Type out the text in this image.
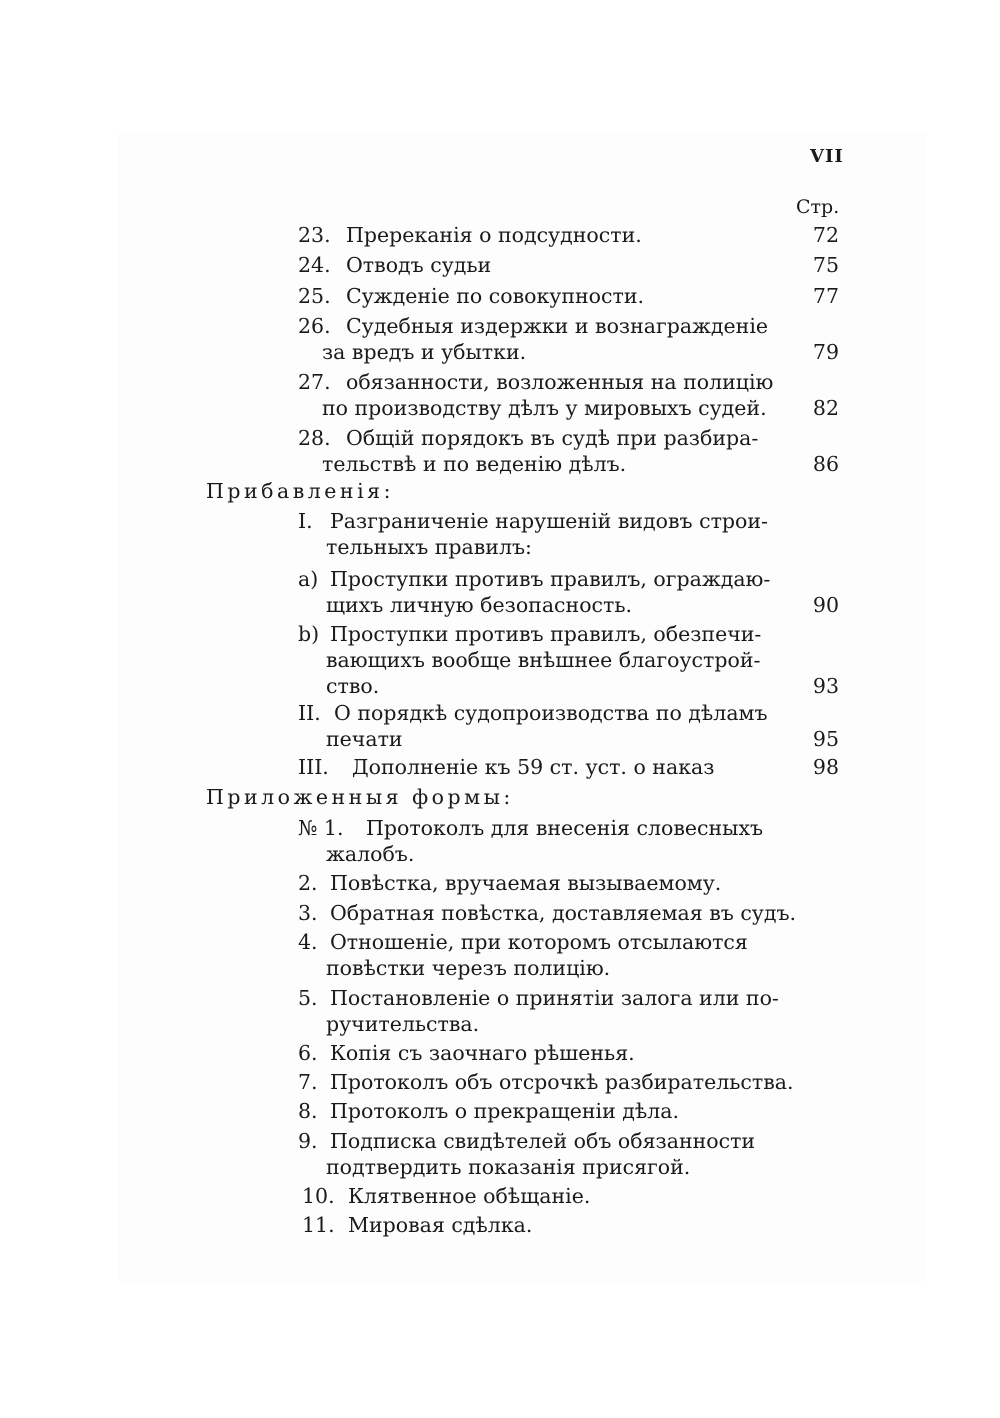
VII
Стр.
23. Пререканія о подсудности.	72
24. Отводъ судьи	75
25. Сужденіе по совокупности.	77
26. Судебныя издержки и вознагражденіе
за вредъ и убытки.	79
27. обязанности, возложенныя на полицію
по производству дѣлъ у мировыхъ судей.	82
28. Общій порядокъ въ судѣ при разбира-
тельствѣ и по веденію дѣлъ.	86
I. Разграниченіе нарушеній видовъ строи-
тельныхъ правилъ:
a) Проступки противъ правилъ, ограждаю-
щихъ личную безопасность.	90
b) Проступки противъ правилъ, обезпечи-
вающихъ вообще внѣшнее благоустрой-
ство.	93
II. О порядкѣ судопроизводства по дѣламъ
печати	95
III. Дополненіе къ 59 ст. уст. о наказ	98
№ 1. Протоколъ для внесенія словесныхъ
жалобъ.
2. Повѣстка, вручаемая вызываемому.
3. Обратная повѣстка, доставляемая въ судъ.
4. Отношеніе, при которомъ отсылаются
повѣстки черезъ полицію.
5. Постановленіе о принятіи залога или по-
ручительства.
6. Копія съ заочнаго рѣшенья.
7. Протоколъ объ отсрочкѣ разбирательства.
8. Протоколъ о прекращеніи дѣла.
9. Подписка свидѣтелей объ обязанности
подтвердить показанія присягой.
10. Клятвенное обѣщаніе.
11. Мировая сдѣлка.
Прибавленія:
Приложенныя формы:
